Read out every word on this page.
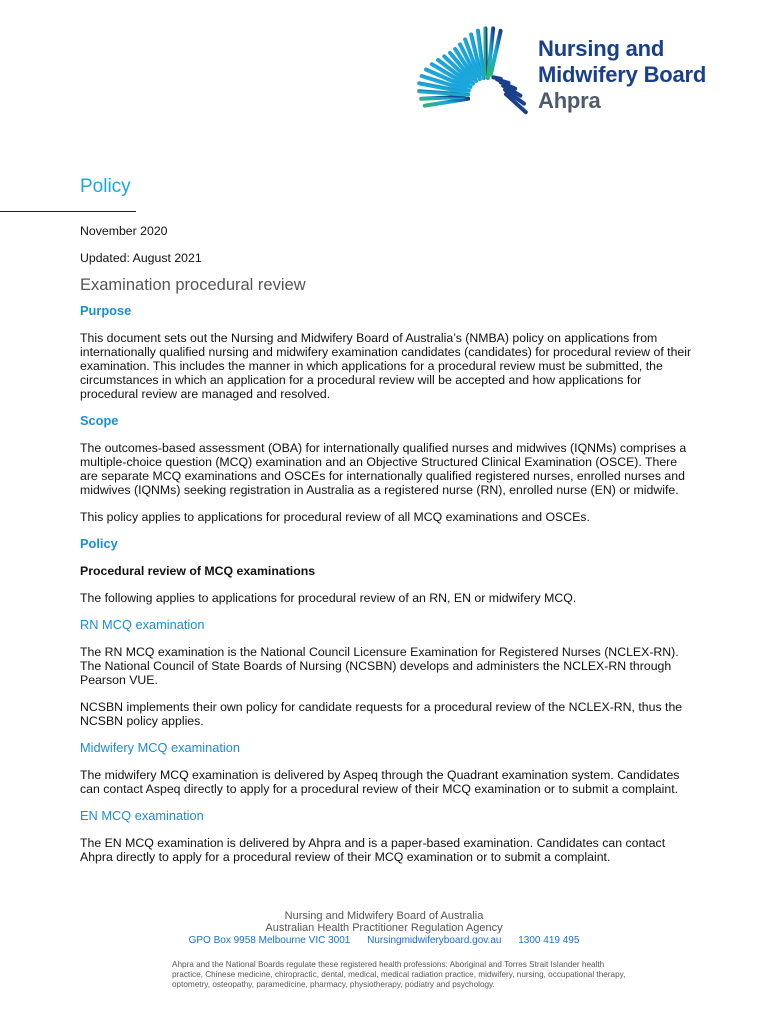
Nursing and
Midwifery Board
Ahpra
Policy

November 2020

Updated: August 2021

Examination procedural review
Purpose

This document sets out the Nursing and Midwifery Board of Australia’s (NMBA) policy on applications from internationally qualified nursing and midwifery examination candidates (candidates) for procedural review of their examination. This includes the manner in which applications for a procedural review must be submitted, the circumstances in which an application for a procedural review will be accepted and how applications for procedural review are managed and resolved.

Scope

The outcomes-based assessment (OBA) for internationally qualified nurses and midwives (IQNMs) comprises a multiple-choice question (MCQ) examination and an Objective Structured Clinical Examination (OSCE). There are separate MCQ examinations and OSCEs for internationally qualified registered nurses, enrolled nurses and midwives (IQNMs) seeking registration in Australia as a registered nurse (RN), enrolled nurse (EN) or midwife.

This policy applies to applications for procedural review of all MCQ examinations and OSCEs.

Policy

Procedural review of MCQ examinations

The following applies to applications for procedural review of an RN, EN or midwifery MCQ.

RN MCQ examination

The RN MCQ examination is the National Council Licensure Examination for Registered Nurses (NCLEX-RN). The National Council of State Boards of Nursing (NCSBN) develops and administers the NCLEX-RN through Pearson VUE.

NCSBN implements their own policy for candidate requests for a procedural review of the NCLEX-RN, thus the NCSBN policy applies.

Midwifery MCQ examination

The midwifery MCQ examination is delivered by Aspeq through the Quadrant examination system. Candidates can contact Aspeq directly to apply for a procedural review of their MCQ examination or to submit a complaint.

EN MCQ examination

The EN MCQ examination is delivered by Ahpra and is a paper-based examination. Candidates can contact Ahpra directly to apply for a procedural review of their MCQ examination or to submit a complaint.

Nursing and Midwifery Board of Australia
Australian Health Practitioner Regulation Agency
GPO Box 9958 Melbourne VIC 3001 Nursingmidwiferyboard.gov.au 1300 419 495
Ahpra and the National Boards regulate these registered health professions: Aboriginal and Torres Strait Islander health practice, Chinese medicine, chiropractic, dental, medical, medical radiation practice, midwifery, nursing, occupational therapy, optometry, osteopathy, paramedicine, pharmacy, physiotherapy, podiatry and psychology.
